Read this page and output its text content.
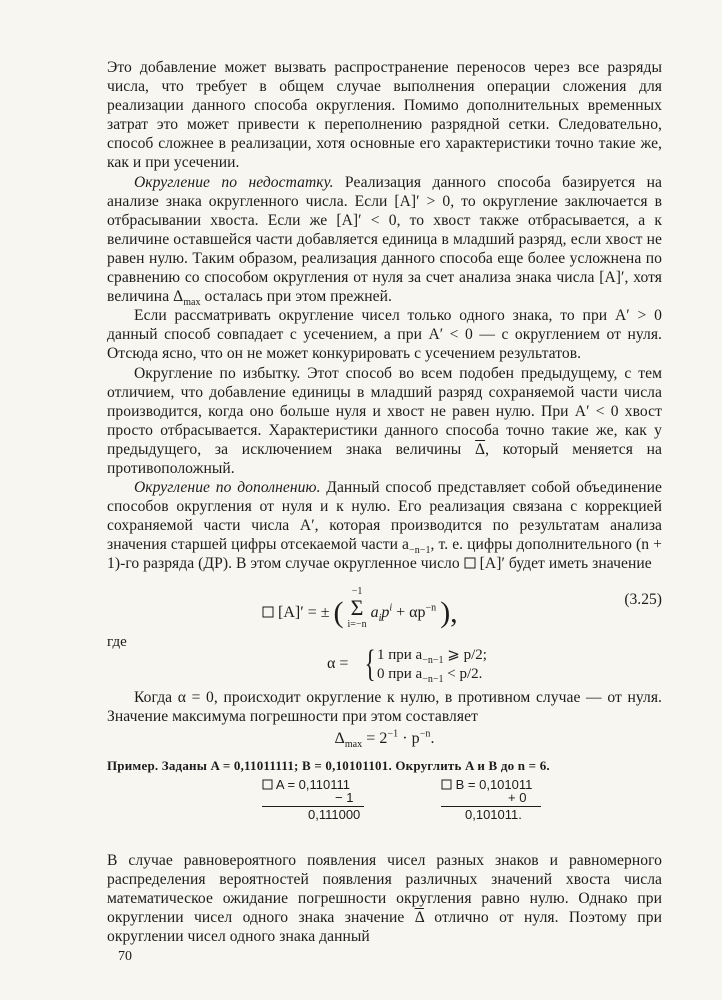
Это добавление может вызвать распространение переносов через все разряды числа, что требует в общем случае выполнения операции сложения для реализации данного способа округления. Помимо дополнительных временных затрат это может привести к переполнению разрядной сетки. Следовательно, способ сложнее в реализации, хотя основные его характеристики точно такие же, как и при усечении.

Округление по недостатку. Реализация данного способа базируется на анализе знака округленного числа. Если [A]′ > 0, то округление заключается в отбрасывании хвоста. Если же [A]′ < 0, то хвост также отбрасывается, а к величине оставшейся части добавляется единица в младший разряд, если хвост не равен нулю. Таким образом, реализация данного способа еще более усложнена по сравнению со способом округления от нуля за счет анализа знака числа [A]′, хотя величина $\Delta_{max}$ осталась при этом прежней.

Если рассматривать округление чисел только одного знака, то при A′ > 0 данный способ совпадает с усечением, а при A′ < 0 — с округлением от нуля. Отсюда ясно, что он не может конкурировать с усечением результатов.

Округление по избытку. Этот способ во всем подобен предыдущему, с тем отличием, что добавление единицы в младший разряд сохраняемой части числа производится, когда оно больше нуля и хвост не равен нулю. При A′ < 0 хвост просто отбрасывается. Характеристики данного способа точно такие же, как у предыдущего, за исключением знака величины $\overline{\Delta}$, который меняется на противоположный.

Округление по дополнению. Данный способ представляет собой объединение способов округления от нуля и к нулю. Его реализация связана с коррекцией сохраняемой части числа A′, которая производится по результатам анализа значения старшей цифры отсекаемой части $a_{-n-1}$, т. е. цифры дополнительного (n + 1)-го разряда (ДР). В этом случае округленное число  [A]′ будет иметь значение

[A]′ = ± (
−1
Σ
i=−n
$a_ip^i + \alpha p^{-n}$ ),	(3.25)

где

α = { 1 при $a_{-n-1}$ ⩾ p/2;
0 при $a_{-n-1} < p/2$.

Когда α = 0, происходит округление к нулю, в противном случае — от нуля. Значение максимума погрешности при этом составляет

$\Delta_{max} = 2^{-1} \cdot p^{-n}$.

Пример. Заданы A = 0,11011111; B = 0,10101101. Округлить A и B до n = 6.

A = 0,110111
− 1
0,111000
B = 0,101011
+ 0
0,101011.

В случае равновероятного появления чисел разных знаков и равномерного распределения вероятностей появления различных значений хвоста числа математическое ожидание погрешности округления равно нулю. Однако при округлении чисел одного знака значение $\overline{\Delta}$ отлично от нуля. Поэтому при округлении чисел одного знака данный

70
